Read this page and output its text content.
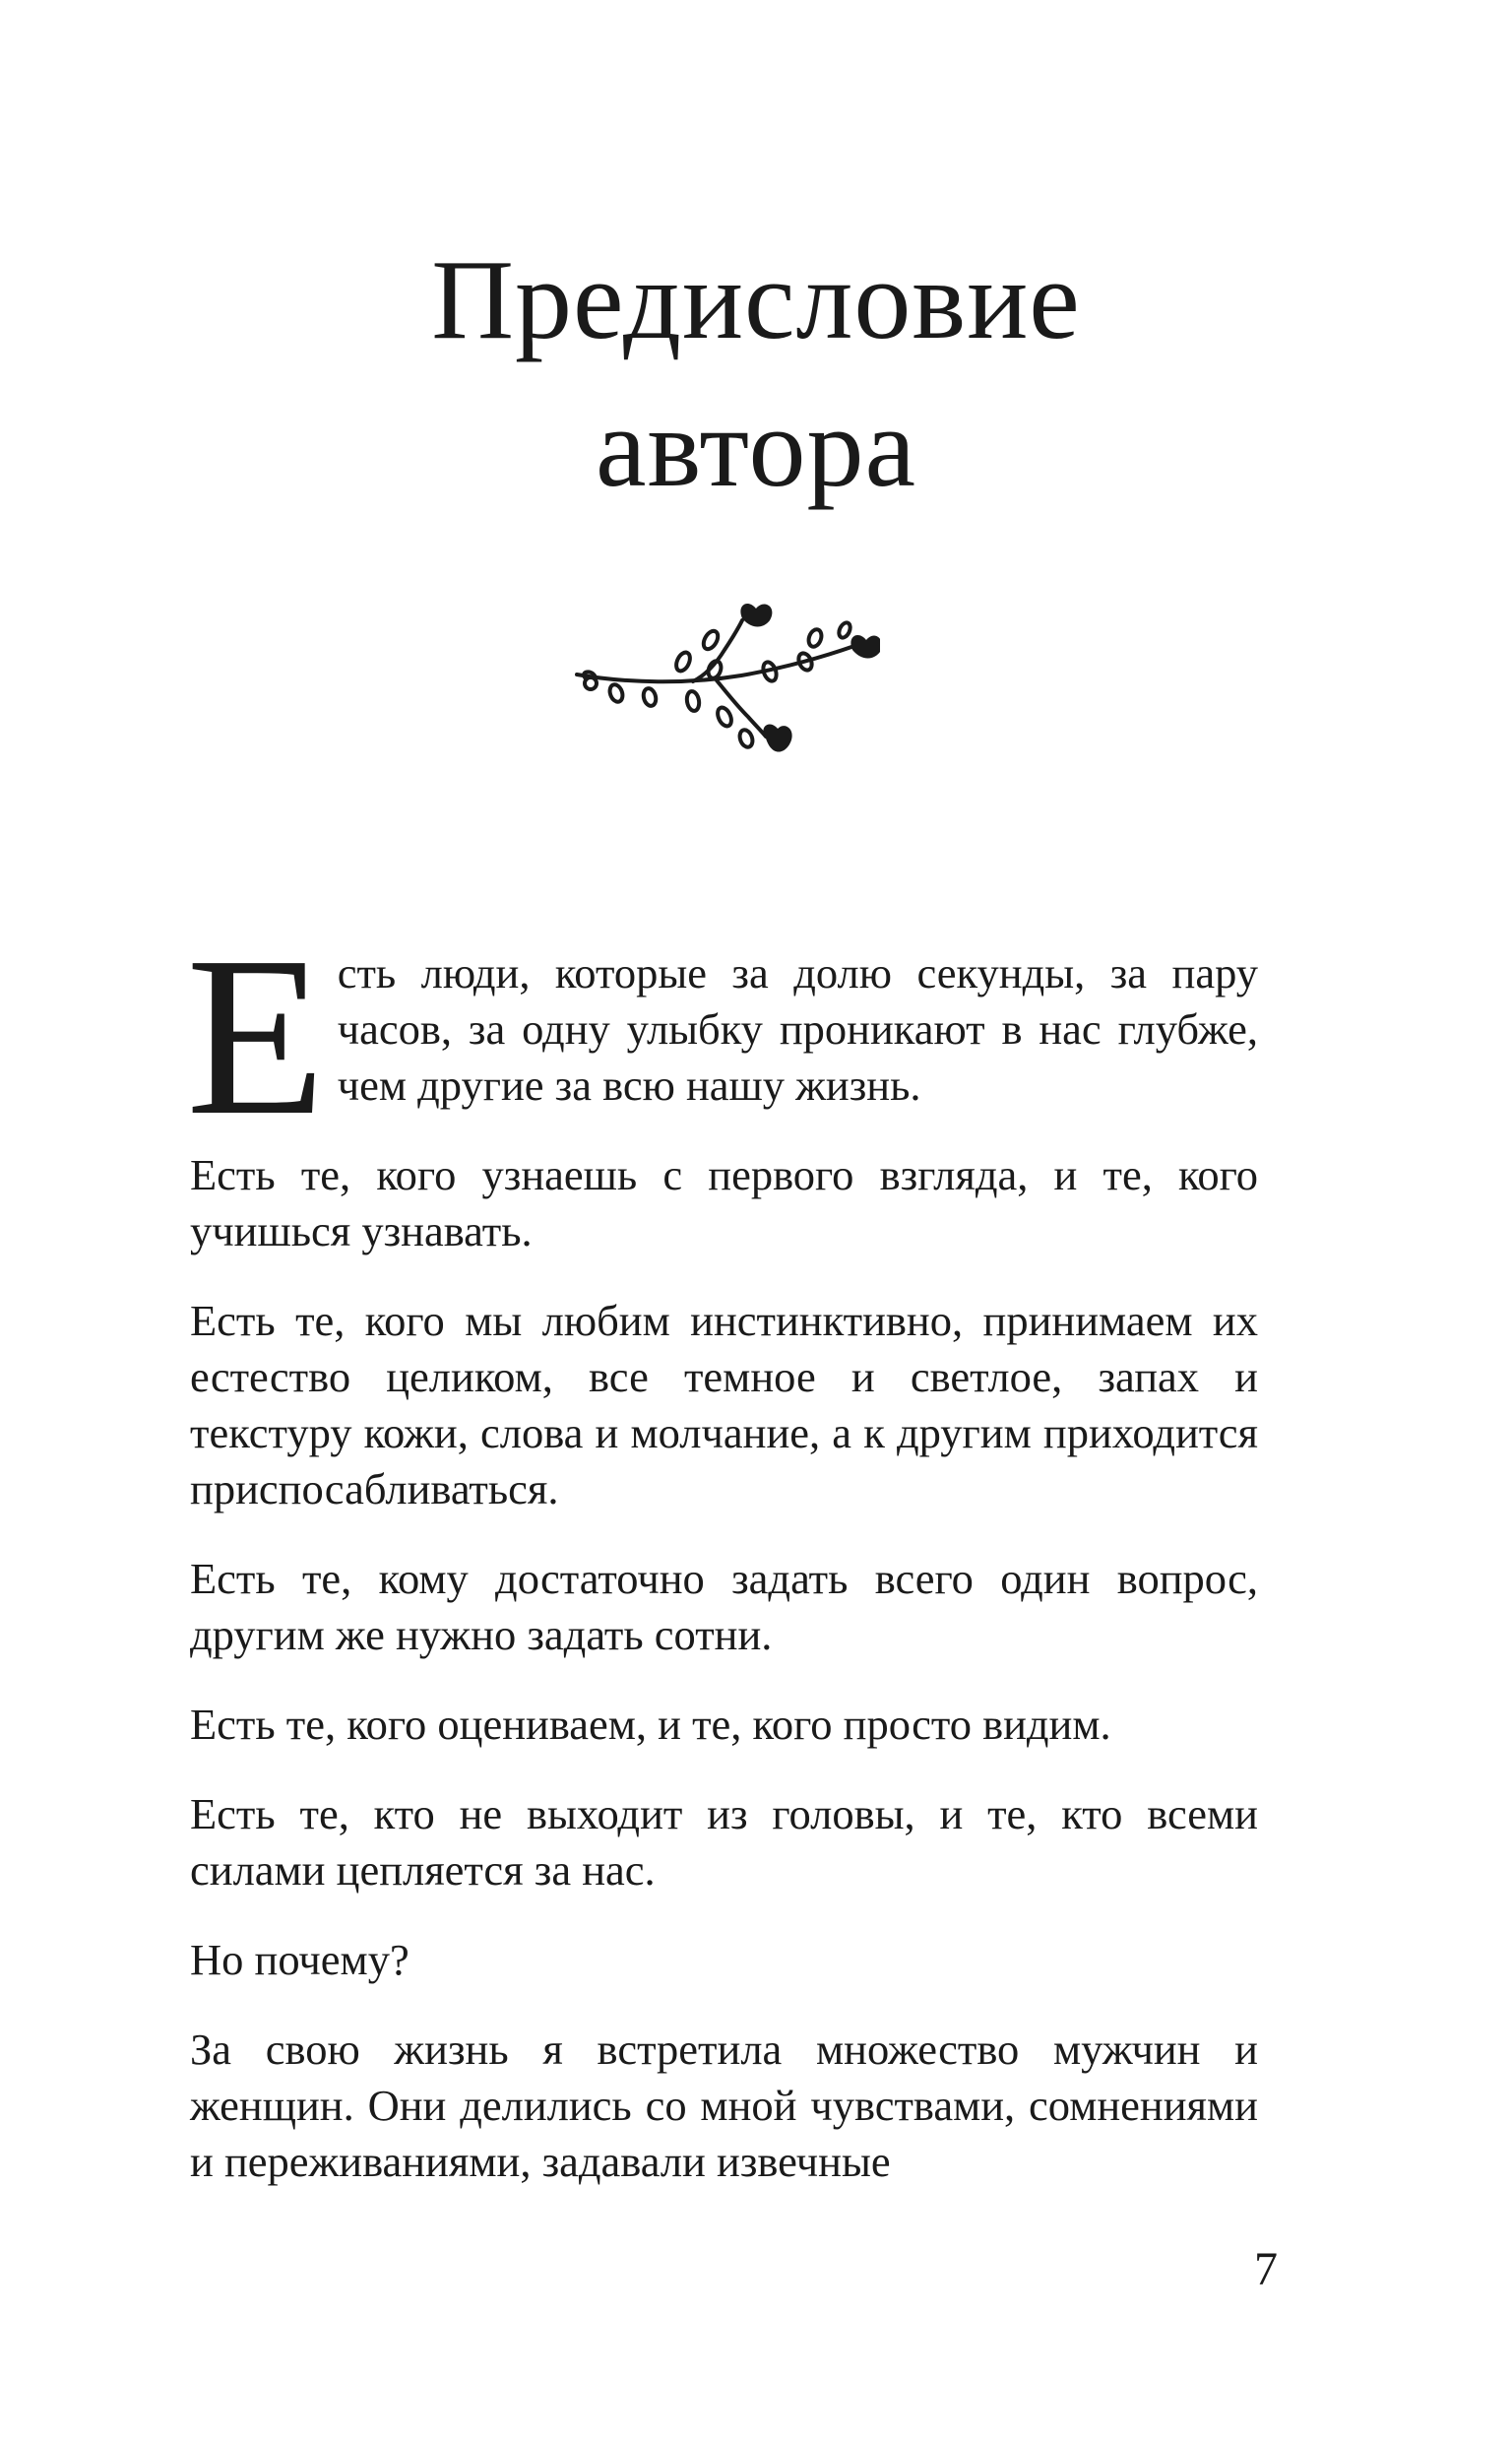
Предисловие
автора

Есть люди, которые за долю секунды, за пару часов, за одну улыбку проникают в нас глубже, чем другие за всю нашу жизнь.

Есть те, кого узнаешь с первого взгляда, и те, кого учишься узнавать.

Есть те, кого мы любим инстинктивно, принимаем их естество целиком, все темное и светлое, запах и текстуру кожи, слова и молчание, а к другим приходится приспосабливаться.

Есть те, кому достаточно задать всего один вопрос, другим же нужно задать сотни.

Есть те, кого оцениваем, и те, кого просто видим.

Есть те, кто не выходит из головы, и те, кто всеми силами цепляется за нас.

Но почему?

За свою жизнь я встретила множество мужчин и женщин. Они делились со мной чувствами, сомнениями и переживаниями, задавали извечные

7
